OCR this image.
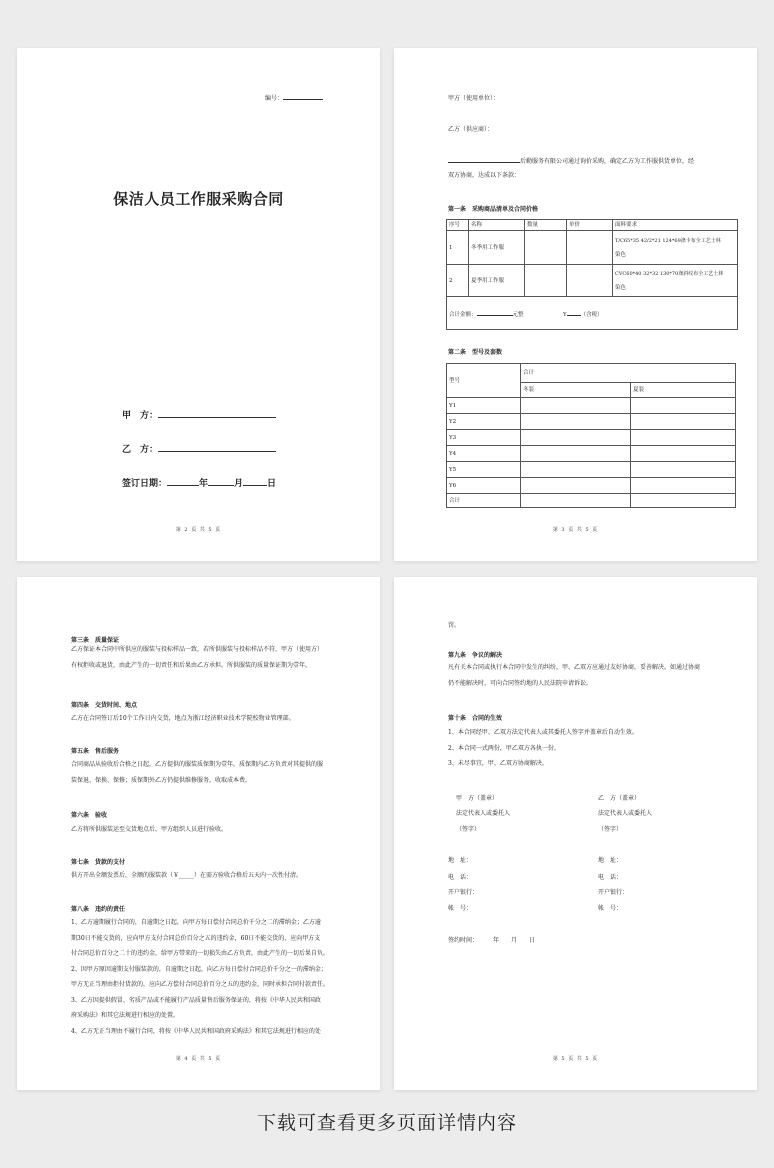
编号：
保洁人员工作服采购合同
甲　方：
乙　方：
签订日期：	年	月	日
第 2 页 共 5 页
甲方（使用单位）：
乙方（供应商）：
后勤服务有限公司通过询价采购，确定乙方为工作服供货单位，经
双方协商，达成以下条款：
第一条　采购商品清单及合同价格
序号	名称	数量	单价	面料要求
1	冬季用工作服			T/C65*35 42/2*21 124*69涤卡布全工艺士林
染色

2	夏季用工作服			CVC60*40 32*32 130*70涤斜纹布全工艺士林
染色

合计金额： 元整 Y （含税）				
第二条　型号及套数
型号	合计	
	冬装	夏装
Y1		
Y2		
Y3		
Y4		
Y5		
Y6		
合计		
第 3 页 共 5 页
第三条　质量保证
乙方保证本合同中所供应的服装与投标样品一致，若所供服装与投标样品不符，甲方（使用方）
有权拒收或退货，由此产生的一切责任和后果由乙方承担。所供服装的质量保证期为壹年。
第四条　交货时间、地点
乙方在合同签订后10个工作日内交货，地点为浙江经济职业技术学院校物业管理部。
第五条　售后服务
合同商品从验收后合格之日起，乙方提供的服装质保期为壹年。质保期内乙方负责对其提供的服
装保退、保换、保修；质保期外乙方仍提供维修服务，收取成本费。
第六条　验收
乙方将所供服装运至交货地点后，甲方组织人员进行验收。
第七条　货款的支付
供方开出全额发票后，全额的服装款（￥_____）在需方验收合格后五天内一次性付清。
第八条　违约的责任
1、乙方逾期履行合同的，自逾期之日起，向甲方每日偿付合同总价千分之二的滞纳金；乙方逾
期30日不能交货的，应向甲方支付合同总价百分之五的违约金，60日不能交货的，应向甲方支
付合同总价百分之二十的违约金，给甲方带来的一切损失由乙方负责，由此产生的一切后果自负。
2、因甲方原因逾期支付服装款的，自逾期之日起，向乙方每日偿付合同总价千分之一的滞纳金；
甲方无正当理由拒付货款的，应向乙方偿付合同总价百分之五的违约金，同时承担合同付款责任。
3、乙方因提供假冒、劣质产品或不能履行产品质量售后服务保证的，将按《中华人民共和国政
府采购法》和其它法规进行相应的处置。
4、乙方无正当理由不履行合同，将按《中华人民共和国政府采购法》和其它法规进行相应的处
第 4 页 共 5 页
罚。
第九条　争议的解决
凡有关本合同或执行本合同中发生的纠纷，甲、乙双方应通过友好协商，妥善解决。如通过协商
仍不能解决时，可向合同签约地的人民法院申请诉讼。
第十条　合同的生效
1、本合同经甲、乙双方法定代表人或其委托人签字并盖章后自动生效。
2、本合同一式两份，甲乙双方各执一份。
3、未尽事宜，甲、乙双方协商解决。
甲　方（盖章）
法定代表人或委托人
（签字）
乙　方（盖章）
法定代表人或委托人
（签字）
地　址：
电　话：
开户银行：
帐　号：
地　址：
电　话：
开户银行：
帐　号：
签约时间：　　　	年　　月　　日
第 5 页 共 5 页
下载可查看更多页面详情内容
